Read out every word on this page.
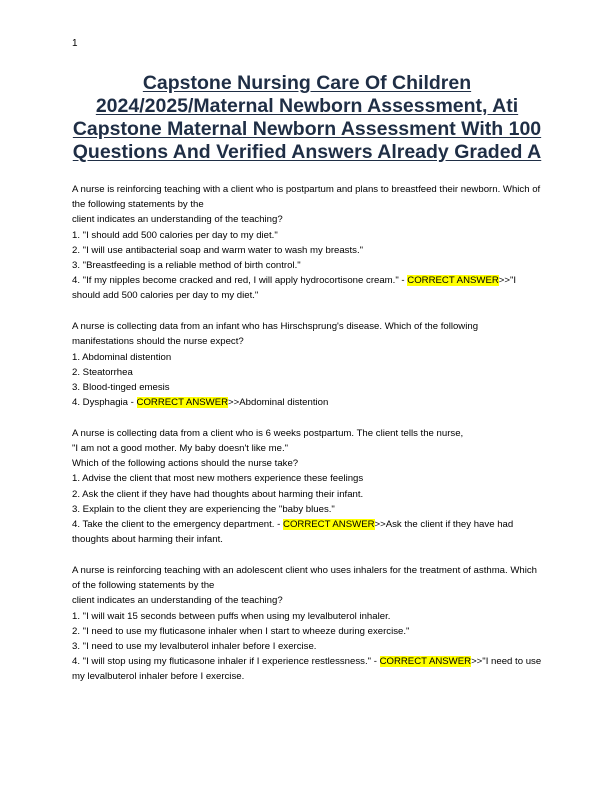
1
Capstone Nursing Care Of Children 2024/2025/Maternal Newborn Assessment, Ati Capstone Maternal Newborn Assessment With 100 Questions And Verified Answers Already Graded A
A nurse is reinforcing teaching with a client who is postpartum and plans to breastfeed their newborn. Which of the following statements by the
client indicates an understanding of the teaching?
1. "I should add 500 calories per day to my diet."
2. "I will use antibacterial soap and warm water to wash my breasts."
3. "Breastfeeding is a reliable method of birth control."
4. "If my nipples become cracked and red, I will apply hydrocortisone cream." - CORRECT ANSWER>>"I should add 500 calories per day to my diet."
A nurse is collecting data from an infant who has Hirschsprung's disease. Which of the following manifestations should the nurse expect?
1. Abdominal distention
2. Steatorrhea
3. Blood-tinged emesis
4. Dysphagia - CORRECT ANSWER>>Abdominal distention
A nurse is collecting data from a client who is 6 weeks postpartum. The client tells the nurse,
"I am not a good mother. My baby doesn't like me."
Which of the following actions should the nurse take?
1. Advise the client that most new mothers experience these feelings
2. Ask the client if they have had thoughts about harming their infant.
3. Explain to the client they are experiencing the "baby blues."
4. Take the client to the emergency department. - CORRECT ANSWER>>Ask the client if they have had thoughts about harming their infant.
A nurse is reinforcing teaching with an adolescent client who uses inhalers for the treatment of asthma. Which of the following statements by the
client indicates an understanding of the teaching?
1. "I will wait 15 seconds between puffs when using my levalbuterol inhaler.
2. "I need to use my fluticasone inhaler when I start to wheeze during exercise."
3. "I need to use my levalbuterol inhaler before I exercise.
4. "I will stop using my fluticasone inhaler if I experience restlessness." - CORRECT ANSWER>>"I need to use my levalbuterol inhaler before I exercise.
